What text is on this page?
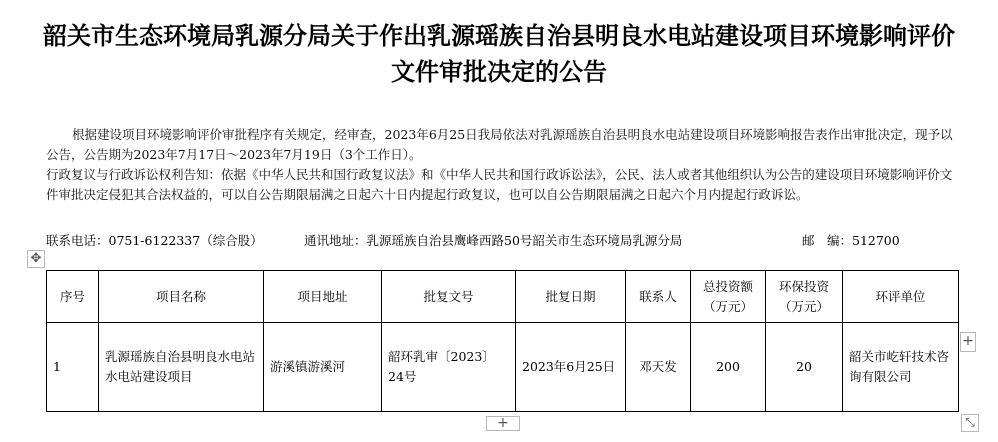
韶关市生态环境局乳源分局关于作出乳源瑶族自治县明良水电站建设项目环境影响评价文件审批决定的公告
根据建设项目环境影响评价审批程序有关规定，经审查，2023年6月25日我局依法对乳源瑶族自治县明良水电站建设项目环境影响报告表作出审批决定，现予以公告，公告期为2023年7月17日～2023年7月19日（3个工作日）。
行政复议与行政诉讼权利告知：依据《中华人民共和国行政复议法》和《中华人民共和国行政诉讼法》，公民、法人或者其他组织认为公告的建设项目环境影响评价文件审批决定侵犯其合法权益的，可以自公告期限届满之日起六十日内提起行政复议，也可以自公告期限届满之日起六个月内提起行政诉讼。
联系电话：0751-6122337（综合股）	通讯地址：乳源瑶族自治县鹰峰西路50号韶关市生态环境局乳源分局	邮　编：512700
✥
序号	项目名称	项目地址	批复文号	批复日期	联系人	总投资额（万元）	环保投资（万元）	环评单位
1	乳源瑶族自治县明良水电站水电站建设项目	游溪镇游溪河	韶环乳审〔2023〕24号	2023年6月25日	邓天发	200	20	韶关市屹轩技术咨询有限公司
+
+	⤡
